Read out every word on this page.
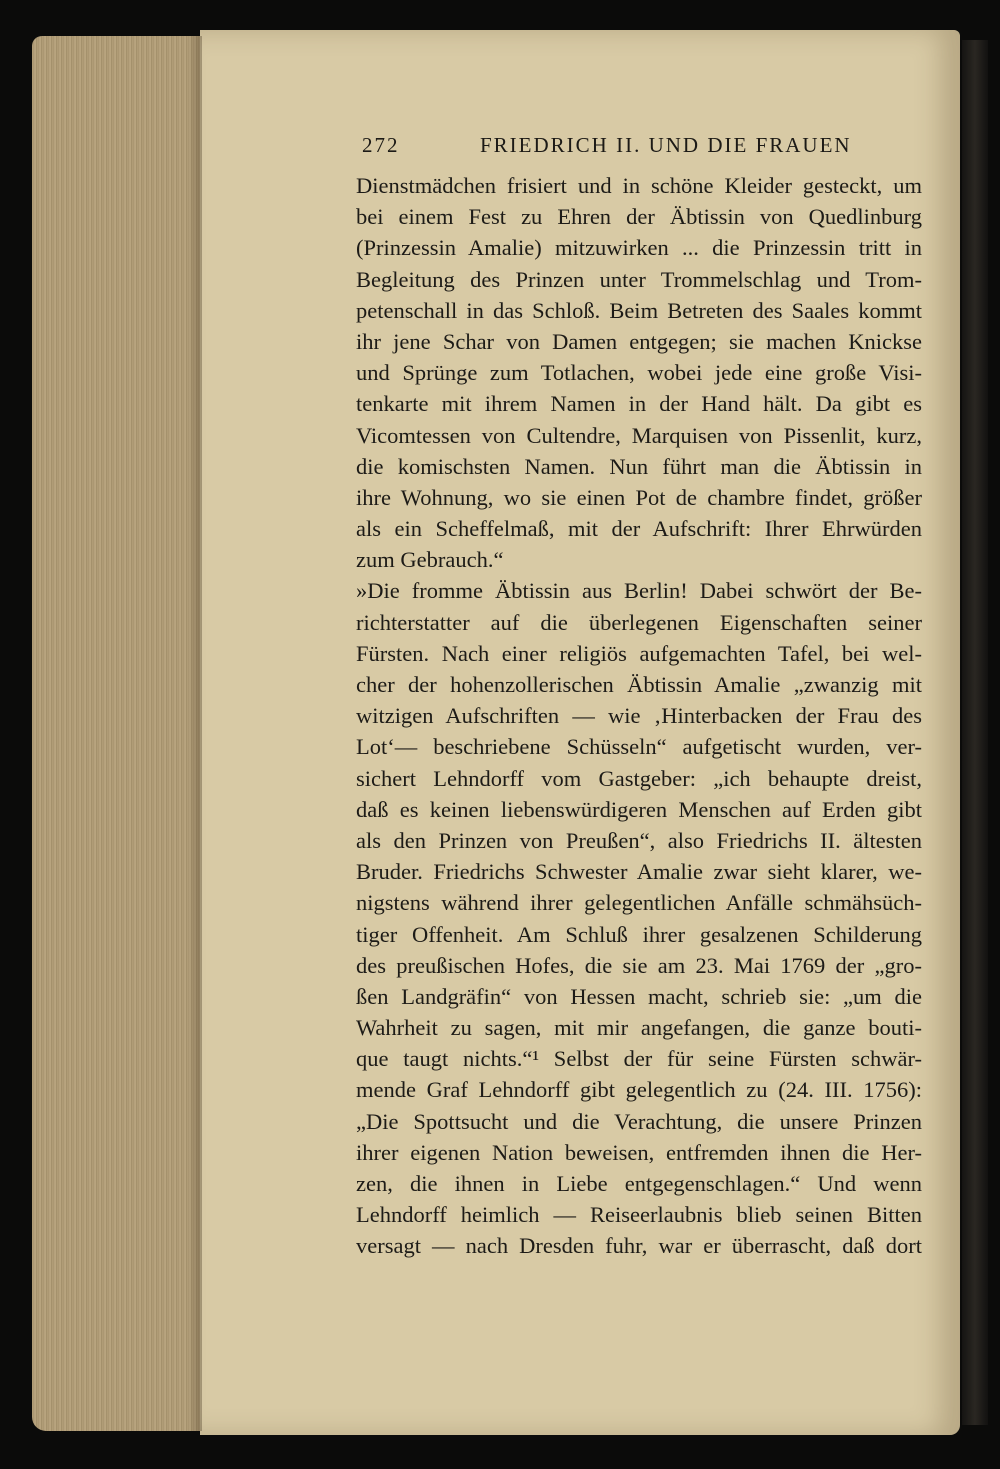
272	FRIEDRICH II. UND DIE FRAUEN
Dienstmädchen frisiert und in schöne Kleider gesteckt, um
bei einem Fest zu Ehren der Äbtissin von Quedlinburg
(Prinzessin Amalie) mitzuwirken ... die Prinzessin tritt in
Begleitung des Prinzen unter Trommelschlag und Trom-
petenschall in das Schloß. Beim Betreten des Saales kommt
ihr jene Schar von Damen entgegen; sie machen Knickse
und Sprünge zum Totlachen, wobei jede eine große Visi-
tenkarte mit ihrem Namen in der Hand hält. Da gibt es
Vicomtessen von Cultendre, Marquisen von Pissenlit, kurz,
die komischsten Namen. Nun führt man die Äbtissin in
ihre Wohnung, wo sie einen Pot de chambre findet, größer
als ein Scheffelmaß, mit der Aufschrift: Ihrer Ehrwürden
zum Gebrauch.“
»Die fromme Äbtissin aus Berlin! Dabei schwört der Be-
richterstatter auf die überlegenen Eigenschaften seiner
Fürsten. Nach einer religiös aufgemachten Tafel, bei wel-
cher der hohenzollerischen Äbtissin Amalie „zwanzig mit
witzigen Aufschriften — wie ‚Hinterbacken der Frau des
Lot‘— beschriebene Schüsseln“ aufgetischt wurden, ver-
sichert Lehndorff vom Gastgeber: „ich behaupte dreist,
daß es keinen liebenswürdigeren Menschen auf Erden gibt
als den Prinzen von Preußen“, also Friedrichs II. ältesten
Bruder. Friedrichs Schwester Amalie zwar sieht klarer, we-
nigstens während ihrer gelegentlichen Anfälle schmähsüch-
tiger Offenheit. Am Schluß ihrer gesalzenen Schilderung
des preußischen Hofes, die sie am 23. Mai 1769 der „gro-
ßen Landgräfin“ von Hessen macht, schrieb sie: „um die
Wahrheit zu sagen, mit mir angefangen, die ganze bouti-
que taugt nichts.“¹ Selbst der für seine Fürsten schwär-
mende Graf Lehndorff gibt gelegentlich zu (24. III. 1756):
„Die Spottsucht und die Verachtung, die unsere Prinzen
ihrer eigenen Nation beweisen, entfremden ihnen die Her-
zen, die ihnen in Liebe entgegenschlagen.“ Und wenn
Lehndorff heimlich — Reiseerlaubnis blieb seinen Bitten
versagt — nach Dresden fuhr, war er überrascht, daß dort
